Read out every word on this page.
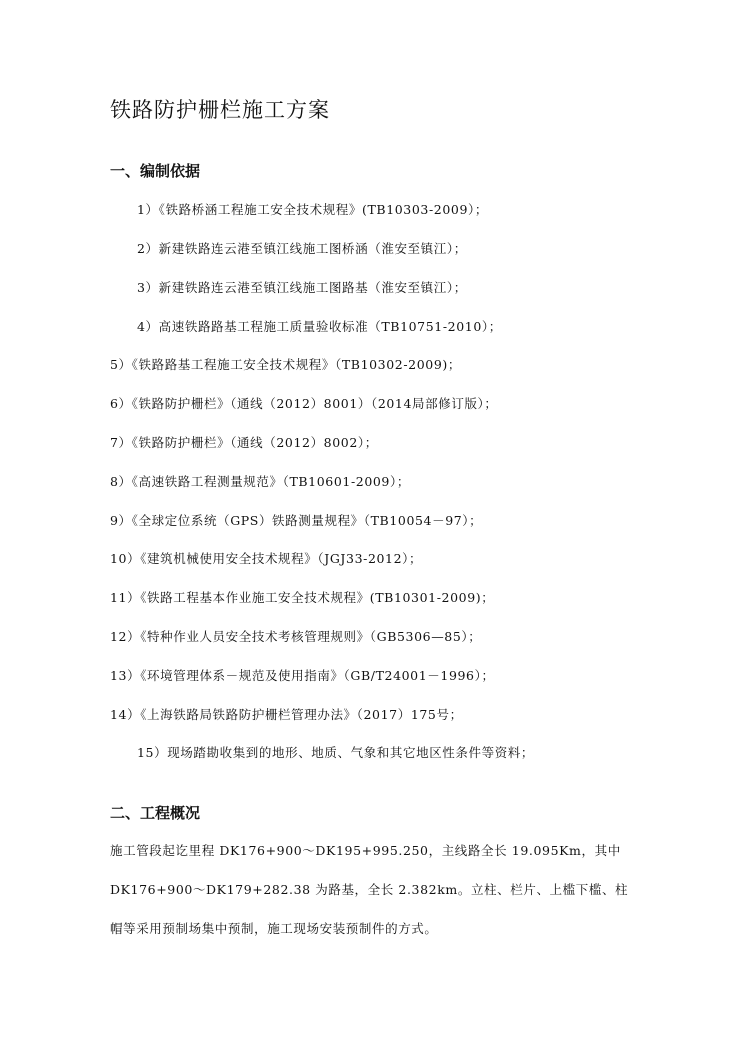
铁路防护栅栏施工方案
一、编制依据
1）《铁路桥涵工程施工安全技术规程》(TB10303-2009）；
2）新建铁路连云港至镇江线施工图桥涵（淮安至镇江）；
3）新建铁路连云港至镇江线施工图路基（淮安至镇江）；
4）高速铁路路基工程施工质量验收标准（TB10751-2010）；
5）《铁路路基工程施工安全技术规程》（TB10302-2009)；
6）《铁路防护栅栏》（通线（2012）8001）（2014局部修订版）；
7）《铁路防护栅栏》（通线（2012）8002）；
8）《高速铁路工程测量规范》（TB10601-2009）；
9）《全球定位系统（GPS）铁路测量规程》（TB10054－97）；
10）《建筑机械使用安全技术规程》（JGJ33-2012）；
11）《铁路工程基本作业施工安全技术规程》(TB10301-2009)；
12）《特种作业人员安全技术考核管理规则》（GB5306—85）；
13）《环境管理体系－规范及使用指南》（GB/T24001－1996）；
14）《上海铁路局铁路防护栅栏管理办法》（2017）175号；
15）现场踏勘收集到的地形、地质、气象和其它地区性条件等资料；
二、工程概况
施工管段起讫里程 DK176+900～DK195+995.250，主线路全长 19.095Km，其中
DK176+900～DK179+282.38 为路基，全长 2.382km。立柱、栏片、上槛下槛、柱
帽等采用预制场集中预制，施工现场安装预制件的方式。
